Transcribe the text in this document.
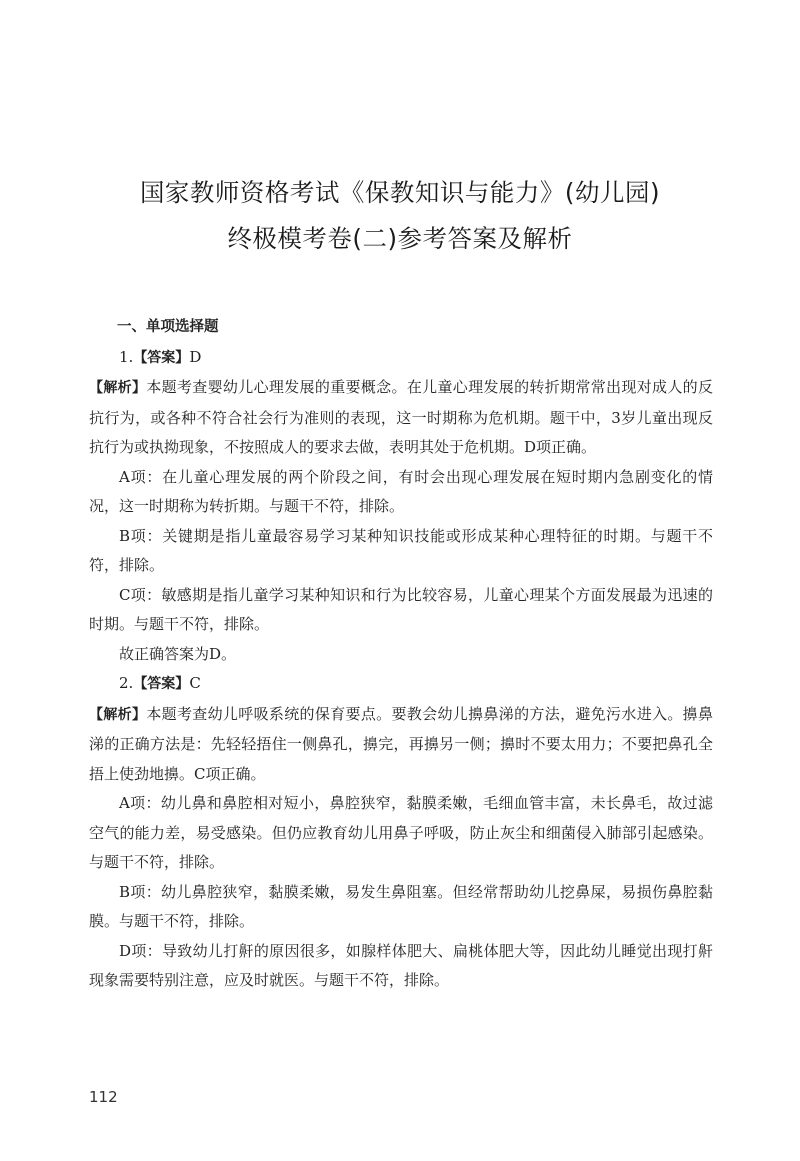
国家教师资格考试《保教知识与能力》(幼儿园)
终极模考卷(二)参考答案及解析

一、单项选择题

1.【答案】D

【解析】本题考查婴幼儿心理发展的重要概念。在儿童心理发展的转折期常常出现对成人的反抗行为，或各种不符合社会行为准则的表现，这一时期称为危机期。题干中，3岁儿童出现反抗行为或执拗现象，不按照成人的要求去做，表明其处于危机期。D项正确。

A项：在儿童心理发展的两个阶段之间，有时会出现心理发展在短时期内急剧变化的情况，这一时期称为转折期。与题干不符，排除。

B项：关键期是指儿童最容易学习某种知识技能或形成某种心理特征的时期。与题干不符，排除。

C项：敏感期是指儿童学习某种知识和行为比较容易，儿童心理某个方面发展最为迅速的时期。与题干不符，排除。

故正确答案为D。

2.【答案】C

【解析】本题考查幼儿呼吸系统的保育要点。要教会幼儿擤鼻涕的方法，避免污水进入。擤鼻涕的正确方法是：先轻轻捂住一侧鼻孔，擤完，再擤另一侧；擤时不要太用力；不要把鼻孔全捂上使劲地擤。C项正确。

A项：幼儿鼻和鼻腔相对短小，鼻腔狭窄，黏膜柔嫩，毛细血管丰富，未长鼻毛，故过滤空气的能力差，易受感染。但仍应教育幼儿用鼻子呼吸，防止灰尘和细菌侵入肺部引起感染。与题干不符，排除。

B项：幼儿鼻腔狭窄，黏膜柔嫩，易发生鼻阻塞。但经常帮助幼儿挖鼻屎，易损伤鼻腔黏膜。与题干不符，排除。

D项：导致幼儿打鼾的原因很多，如腺样体肥大、扁桃体肥大等，因此幼儿睡觉出现打鼾现象需要特别注意，应及时就医。与题干不符，排除。

112
